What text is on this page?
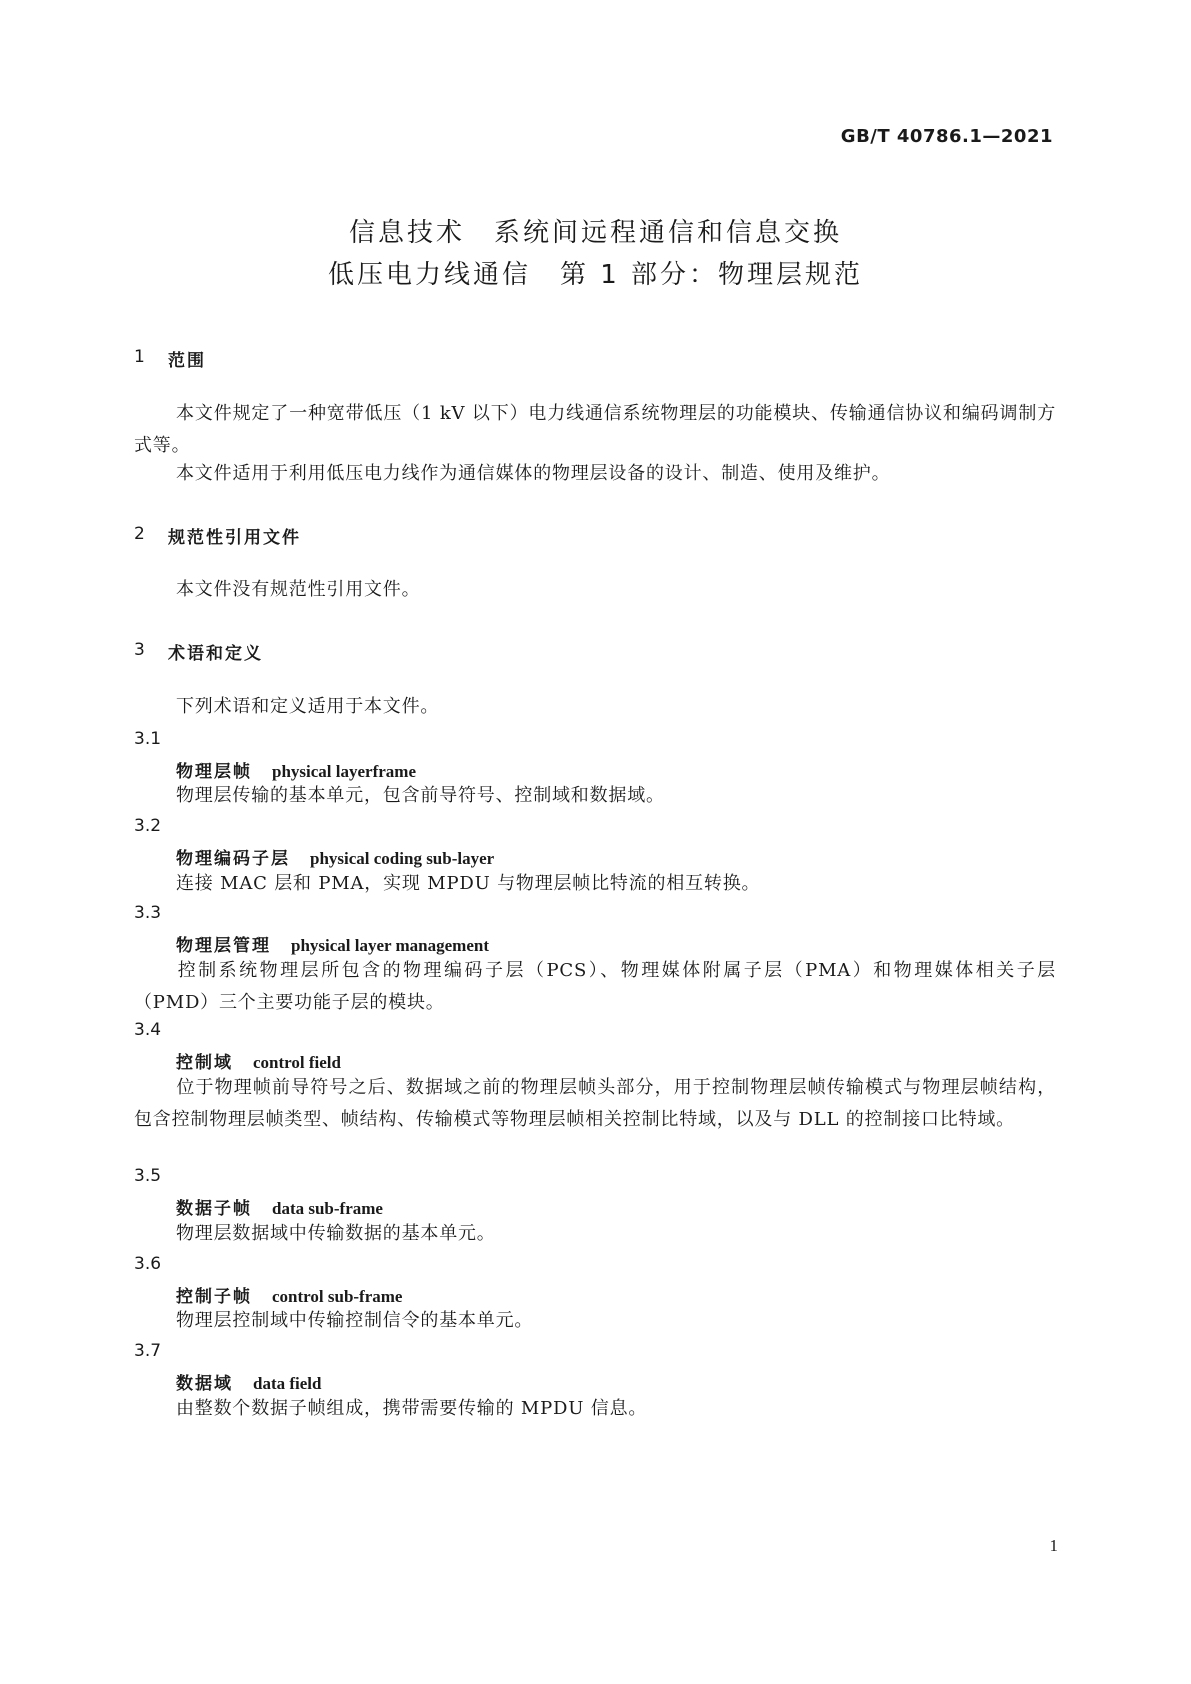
GB/T 40786.1—2021
信息技术　系统间远程通信和信息交换
低压电力线通信　第 1 部分：物理层规范
1 范围
本文件规定了一种宽带低压（1 kV 以下）电力线通信系统物理层的功能模块、传输通信协议和编码调制方式等。
本文件适用于利用低压电力线作为通信媒体的物理层设备的设计、制造、使用及维护。
2 规范性引用文件
本文件没有规范性引用文件。
3 术语和定义
下列术语和定义适用于本文件。
3.1
物理层帧 physical layerframe
物理层传输的基本单元，包含前导符号、控制域和数据域。
3.2
物理编码子层 physical coding sub-layer
连接 MAC 层和 PMA，实现 MPDU 与物理层帧比特流的相互转换。
3.3
物理层管理 physical layer management
控制系统物理层所包含的物理编码子层（PCS）、物理媒体附属子层（PMA）和物理媒体相关子层（PMD）三个主要功能子层的模块。
3.4
控制域 control field
位于物理帧前导符号之后、数据域之前的物理层帧头部分，用于控制物理层帧传输模式与物理层帧结构，包含控制物理层帧类型、帧结构、传输模式等物理层帧相关控制比特域，以及与 DLL 的控制接口比特域。
3.5
数据子帧 data sub-frame
物理层数据域中传输数据的基本单元。
3.6
控制子帧 control sub-frame
物理层控制域中传输控制信令的基本单元。
3.7
数据域 data field
由整数个数据子帧组成，携带需要传输的 MPDU 信息。
1
